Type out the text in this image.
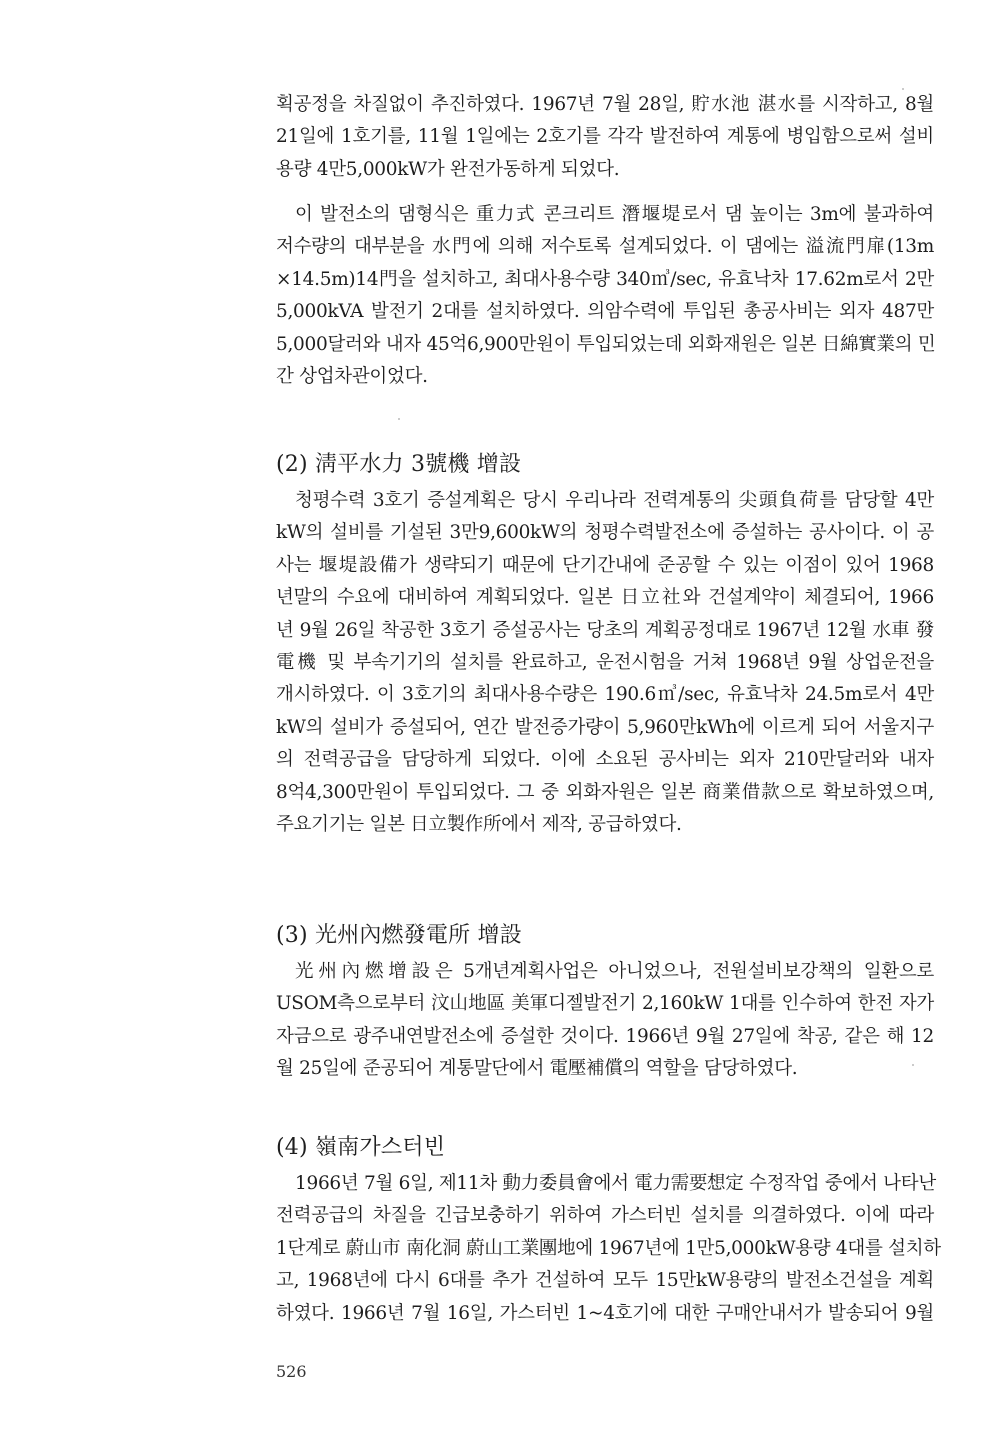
획공정을 차질없이 추진하였다. 1967년 7월 28일, 貯水池 湛水를 시작하고, 8월
21일에 1호기를, 11월 1일에는 2호기를 각각 발전하여 계통에 병입함으로써 설비
용량 4만5,000kW가 완전가동하게 되었다.
이 발전소의 댐형식은 重力式 콘크리트 潛堰堤로서 댐 높이는 3m에 불과하여
저수량의 대부분을 水門에 의해 저수토록 설계되었다. 이 댐에는 溢流門扉(13m
×14.5m)14門을 설치하고, 최대사용수량 340㎥/sec, 유효낙차 17.62m로서 2만
5,000kVA 발전기 2대를 설치하였다. 의암수력에 투입된 총공사비는 외자 487만
5,000달러와 내자 45억6,900만원이 투입되었는데 외화재원은 일본 日綿實業의 민
간 상업차관이었다.
(2) 淸平水力 3號機 增設
청평수력 3호기 증설계획은 당시 우리나라 전력계통의 尖頭負荷를 담당할 4만
kW의 설비를 기설된 3만9,600kW의 청평수력발전소에 증설하는 공사이다. 이 공
사는 堰堤設備가 생략되기 때문에 단기간내에 준공할 수 있는 이점이 있어 1968
년말의 수요에 대비하여 계획되었다. 일본 日立社와 건설계약이 체결되어, 1966
년 9월 26일 착공한 3호기 증설공사는 당초의 계획공정대로 1967년 12월 水車 發
電機 및 부속기기의 설치를 완료하고, 운전시험을 거쳐 1968년 9월 상업운전을
개시하였다. 이 3호기의 최대사용수량은 190.6㎥/sec, 유효낙차 24.5m로서 4만
kW의 설비가 증설되어, 연간 발전증가량이 5,960만kWh에 이르게 되어 서울지구
의 전력공급을 담당하게 되었다. 이에 소요된 공사비는 외자 210만달러와 내자
8억4,300만원이 투입되었다. 그 중 외화자원은 일본 商業借款으로 확보하였으며,
주요기기는 일본 日立製作所에서 제작, 공급하였다.
(3) 光州內燃發電所 增設
光州內燃增設은 5개년계획사업은 아니었으나, 전원설비보강책의 일환으로
USOM측으로부터 汶山地區 美軍디젤발전기 2,160kW 1대를 인수하여 한전 자가
자금으로 광주내연발전소에 증설한 것이다. 1966년 9월 27일에 착공, 같은 해 12
월 25일에 준공되어 계통말단에서 電壓補償의 역할을 담당하였다.
(4) 嶺南가스터빈
1966년 7월 6일, 제11차 動力委員會에서 電力需要想定 수정작업 중에서 나타난
전력공급의 차질을 긴급보충하기 위하여 가스터빈 설치를 의결하였다. 이에 따라
1단계로 蔚山市 南化洞 蔚山工業團地에 1967년에 1만5,000kW용량 4대를 설치하
고, 1968년에 다시 6대를 추가 건설하여 모두 15만kW용량의 발전소건설을 계획
하였다. 1966년 7월 16일, 가스터빈 1~4호기에 대한 구매안내서가 발송되어 9월
526
